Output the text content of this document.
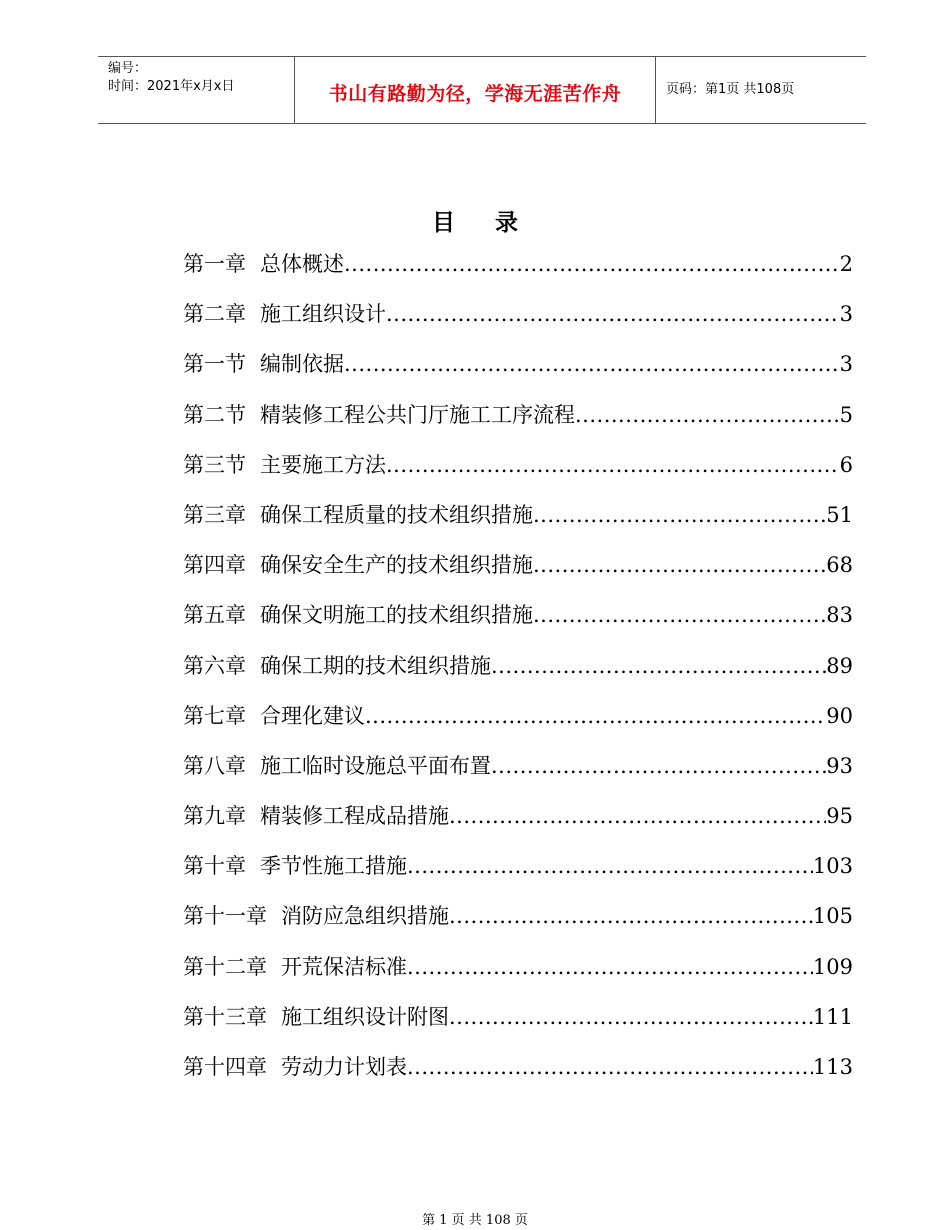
编号：
时间：2021年x月x日	书山有路勤为径，学海无涯苦作舟	页码：第1页 共108页
目录
第一章 总体概述 .....	2
第二章 施工组织设计 .....	3
第一节 编制依据 .....	3
第二节 精装修工程公共门厅施工工序流程 .....	5
第三节 主要施工方法 .....	6
第三章 确保工程质量的技术组织措施 .....	51
第四章 确保安全生产的技术组织措施 .....	68
第五章 确保文明施工的技术组织措施 .....	83
第六章 确保工期的技术组织措施 .....	89
第七章 合理化建议 .....	90
第八章 施工临时设施总平面布置 .....	93
第九章 精装修工程成品措施 .....	95
第十章 季节性施工措施 .....	103
第十一章 消防应急组织措施 .....	105
第十二章 开荒保洁标准 .....	109
第十三章 施工组织设计附图 .....	111
第十四章 劳动力计划表 .....	113
第 1 页 共 108 页
